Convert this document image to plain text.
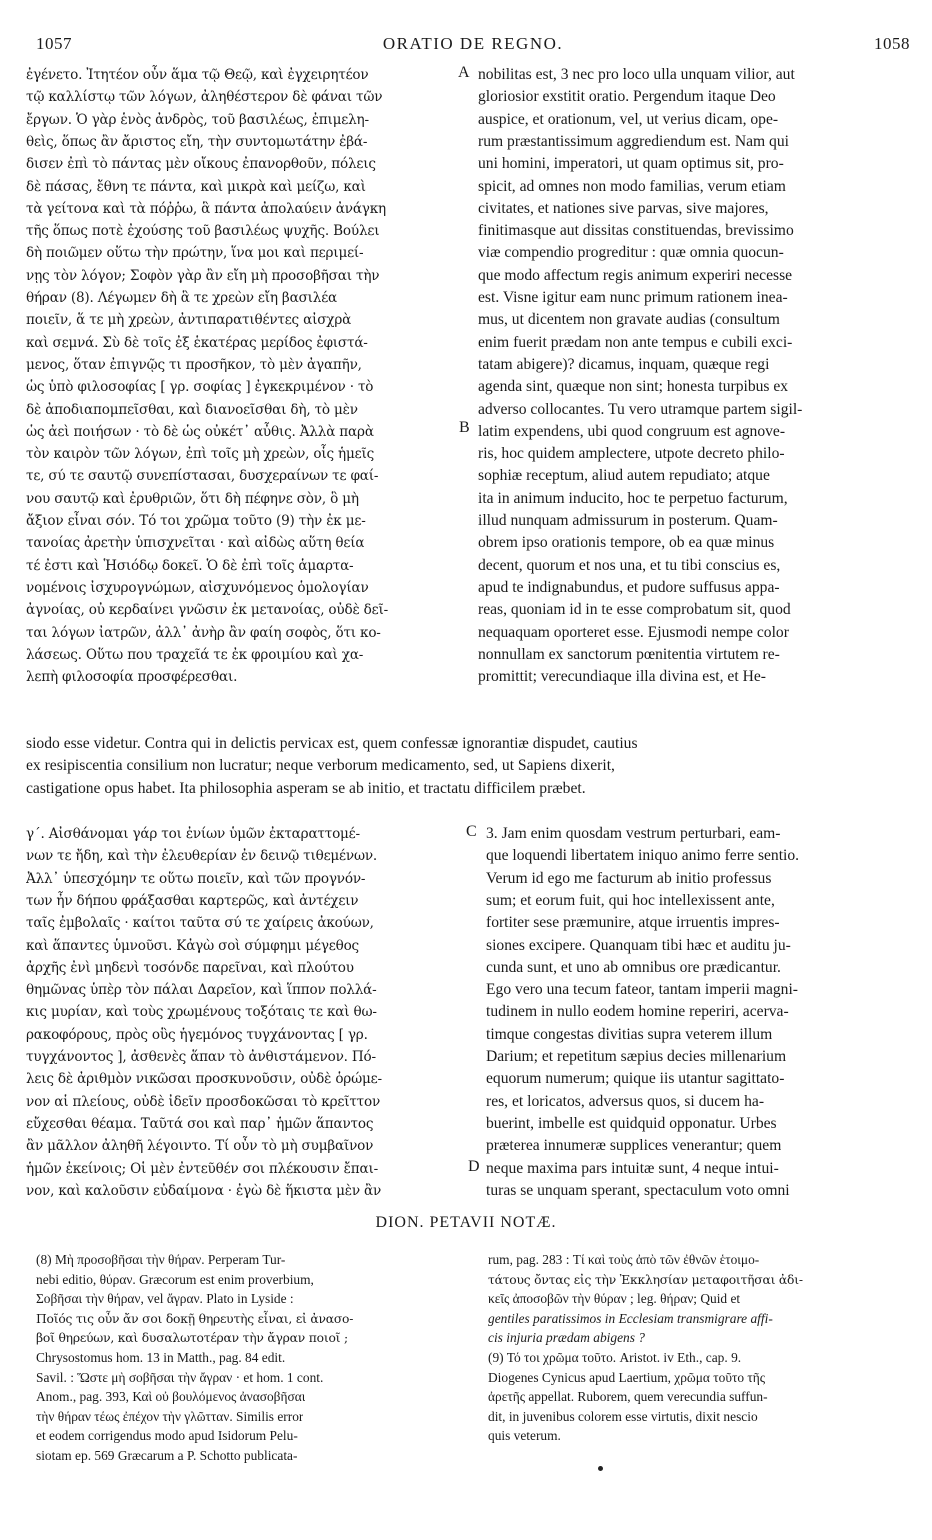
1057	ORATIO DE REGNO.	1058
ἐγένετο. Ἰτητέον οὖν ἅμα τῷ Θεῷ, καὶ ἐγχειρητέον
τῷ καλλίστῳ τῶν λόγων, ἀληθέστερον δὲ φάναι τῶν
ἔργων. Ὁ γὰρ ἑνὸς ἀνδρὸς, τοῦ βασιλέως, ἐπιμελη-
θεὶς, ὅπως ἂν ἄριστος εἴη, τὴν συντομωτάτην ἐβά-
δισεν ἐπὶ τὸ πάντας μὲν οἴκους ἐπανορθοῦν, πόλεις
δὲ πάσας, ἔθνη τε πάντα, καὶ μικρὰ καὶ μείζω, καὶ
τὰ γείτονα καὶ τὰ πόῤῥω, ἃ πάντα ἀπολαύειν ἀνάγκη
τῆς ὅπως ποτὲ ἐχούσης τοῦ βασιλέως ψυχῆς. Βούλει
δὴ ποιῶμεν οὕτω τὴν πρώτην, ἵνα μοι καὶ περιμεί-
νῃς τὸν λόγον; Σοφὸν γὰρ ἂν εἴη μὴ προσοβῆσαι τὴν
θήραν (8). Λέγωμεν δὴ ἃ τε χρεὼν εἴη βασιλέα
ποιεῖν, ἅ τε μὴ χρεὼν, ἀντιπαρατιθέντες αἰσχρὰ
καὶ σεμνά. Σὺ δὲ τοῖς ἐξ ἑκατέρας μερίδος ἐφιστά-
μενος, ὅταν ἐπιγνῷς τι προσῆκον, τὸ μὲν ἀγαπῆν,
ὡς ὑπὸ φιλοσοφίας [ γρ. σοφίας ] ἐγκεκριμένον · τὸ
δὲ ἀποδιαπομπεῖσθαι, καὶ διανοεῖσθαι δὴ, τὸ μὲν
ὡς ἀεὶ ποιήσων · τὸ δὲ ὡς οὐκέτ᾽ αὖθις. Ἀλλὰ παρὰ
τὸν καιρὸν τῶν λόγων, ἐπὶ τοῖς μὴ χρεὼν, οἷς ἡμεῖς
τε, σύ τε σαυτῷ συνεπίστασαι, δυσχεραίνων τε φαί-
νου σαυτῷ καὶ ἐρυθριῶν, ὅτι δὴ πέφηνε σὸν, ὃ μὴ
ἄξιον εἶναι σόν. Τό τοι χρῶμα τοῦτο (9) τὴν ἐκ με-
τανοίας ἀρετὴν ὑπισχνεῖται · καὶ αἰδὼς αὕτη θεία
τέ ἐστι καὶ Ἡσιόδῳ δοκεῖ. Ὁ δὲ ἐπὶ τοῖς ἁμαρτα-
νομένοις ἰσχυρογνώμων, αἰσχυνόμενος ὁμολογίαν
ἀγνοίας, οὐ κερδαίνει γνῶσιν ἐκ μετανοίας, οὐδὲ δεῖ-
ται λόγων ἰατρῶν, ἀλλ᾽ ἀνὴρ ἂν φαίη σοφὸς, ὅτι κο-
λάσεως. Οὕτω που τραχεῖά τε ἐκ φροιμίου καὶ χα-
λεπὴ φιλοσοφία προσφέρεσθαι.
A
B
C
D
nobilitas est, 3 nec pro loco ulla unquam vilior, aut
gloriosior exstitit oratio. Pergendum itaque Deo
auspice, et orationum, vel, ut verius dicam, ope-
rum præstantissimum aggrediendum est. Nam qui
uni homini, imperatori, ut quam optimus sit, pro-
spicit, ad omnes non modo familias, verum etiam
civitates, et nationes sive parvas, sive majores,
finitimasque aut dissitas constituendas, brevissimo
viæ compendio progreditur : quæ omnia quocun-
que modo affectum regis animum experiri necesse
est. Visne igitur eam nunc primum rationem inea-
mus, ut dicentem non gravate audias (consultum
enim fuerit prædam non ante tempus e cubili exci-
tatam abigere)? dicamus, inquam, quæque regi
agenda sint, quæque non sint; honesta turpibus ex
adverso collocantes. Tu vero utramque partem sigil-
latim expendens, ubi quod congruum est agnove-
ris, hoc quidem amplectere, utpote decreto philo-
sophiæ receptum, aliud autem repudiato; atque
ita in animum inducito, hoc te perpetuo facturum,
illud nunquam admissurum in posterum. Quam-
obrem ipso orationis tempore, ob ea quæ minus
decent, quorum et nos una, et tu tibi conscius es,
apud te indignabundus, et pudore suffusus appa-
reas, quoniam id in te esse comprobatum sit, quod
nequaquam oporteret esse. Ejusmodi nempe color
nonnullam ex sanctorum pœnitentia virtutem re-
promittit; verecundiaque illa divina est, et He-
siodo esse videtur. Contra qui in delictis pervicax est, quem confessæ ignorantiæ dispudet, cautius
ex resipiscentia consilium non lucratur; neque verborum medicamento, sed, ut Sapiens dixerit,
castigatione opus habet. Ita philosophia asperam se ab initio, et tractatu difficilem præbet.
γ΄. Αἰσθάνομαι γάρ τοι ἐνίων ὑμῶν ἐκταραττομέ-
νων τε ἤδη, καὶ τὴν ἐλευθερίαν ἐν δεινῷ τιθεμένων.
Ἀλλ᾽ ὑπεσχόμην τε οὕτω ποιεῖν, καὶ τῶν προγνόν-
των ἦν δήπου φράξασθαι καρτερῶς, καὶ ἀντέχειν
ταῖς ἐμβολαῖς · καίτοι ταῦτα σύ τε χαίρεις ἀκούων,
καὶ ἅπαντες ὑμνοῦσι. Κἀγὼ σοὶ σύμφημι μέγεθος
ἀρχῆς ἐνὶ μηδενὶ τοσόνδε παρεῖναι, καὶ πλούτου
θημῶνας ὑπὲρ τὸν πάλαι Δαρεῖον, καὶ ἵππον πολλά-
κις μυρίαν, καὶ τοὺς χρωμένους τοξόταις τε καὶ θω-
ρακοφόρους, πρὸς οὓς ἡγεμόνος τυγχάνοντας [ γρ.
τυγχάνοντος ], ἀσθενὲς ἅπαν τὸ ἀνθιστάμενον. Πό-
λεις δὲ ἀριθμὸν νικῶσαι προσκυνοῦσιν, οὐδὲ ὁρώμε-
νον αἱ πλείους, οὐδὲ ἰδεῖν προσδοκῶσαι τὸ κρεῖττον
εὔχεσθαι θέαμα. Ταῦτά σοι καὶ παρ᾽ ἡμῶν ἅπαντος
ἂν μᾶλλον ἀληθῆ λέγοιντο. Τί οὖν τὸ μὴ συμβαῖνον
ἡμῶν ἐκείνοις; Οἱ μὲν ἐντεῦθέν σοι πλέκουσιν ἔπαι-
νον, καὶ καλοῦσιν εὐδαίμονα · ἐγὼ δὲ ἥκιστα μὲν ἂν
3. Jam enim quosdam vestrum perturbari, eam-
que loquendi libertatem iniquo animo ferre sentio.
Verum id ego me facturum ab initio professus
sum; et eorum fuit, qui hoc intellexissent ante,
fortiter sese præmunire, atque irruentis impres-
siones excipere. Quanquam tibi hæc et auditu ju-
cunda sunt, et uno ab omnibus ore prædicantur.
Ego vero una tecum fateor, tantam imperii magni-
tudinem in nullo eodem homine reperiri, acerva-
timque congestas divitias supra veterem illum
Darium; et repetitum sæpius decies millenarium
equorum numerum; quique iis utantur sagittato-
res, et loricatos, adversus quos, si ducem ha-
buerint, imbelle est quidquid opponatur. Urbes
præterea innumeræ supplices venerantur; quem
neque maxima pars intuitæ sunt, 4 neque intui-
turas se unquam sperant, spectaculum voto omni
DION. PETAVII NOTÆ.
(8) Μὴ προσοβῆσαι τὴν θήραν. Perperam Tur-
nebi editio, θύραν. Græcorum est enim proverbium,
Σοβῆσαι τὴν θήραν, vel ἄγραν. Plato in Lyside :
Ποῖός τις οὖν ἄν σοι δοκῇ θηρευτὴς εἶναι, εἰ ἀνασο-
βοῖ θηρεύων, καὶ δυσαλωτοτέραν τὴν ἄγραν ποιοῖ ;
Chrysostomus hom. 13 in Matth., pag. 84 edit.
Savil. : Ὥστε μὴ σοβῆσαι τὴν ἄγραν · et hom. 1 cont.
Anom., pag. 393, Καὶ οὐ βουλόμενος ἀνασοβῆσαι
τὴν θήραν τέως ἐπέχον τὴν γλῶτταν. Similis error
et eodem corrigendus modo apud Isidorum Pelu-
siotam ep. 569 Græcarum a P. Schotto publicata-
rum, pag. 283 : Τί καὶ τοὺς ἀπὸ τῶν ἐθνῶν ἑτοιμο-
τάτους ὄντας εἰς τὴν Ἐκκλησίαν μεταφοιτῆσαι ἀδι-
κεῖς ἀποσοβῶν τὴν θύραν ; leg. θήραν; Quid et
gentiles paratissimos in Ecclesiam transmigrare affi-
cis injuria prædam abigens ?
(9) Τό τοι χρῶμα τοῦτο. Aristot. iv Eth., cap. 9.
Diogenes Cynicus apud Laertium, χρῶμα τοῦτο τῆς
ἀρετῆς appellat. Ruborem, quem verecundia suffun-
dit, in juvenibus colorem esse virtutis, dixit nescio
quis veterum.
